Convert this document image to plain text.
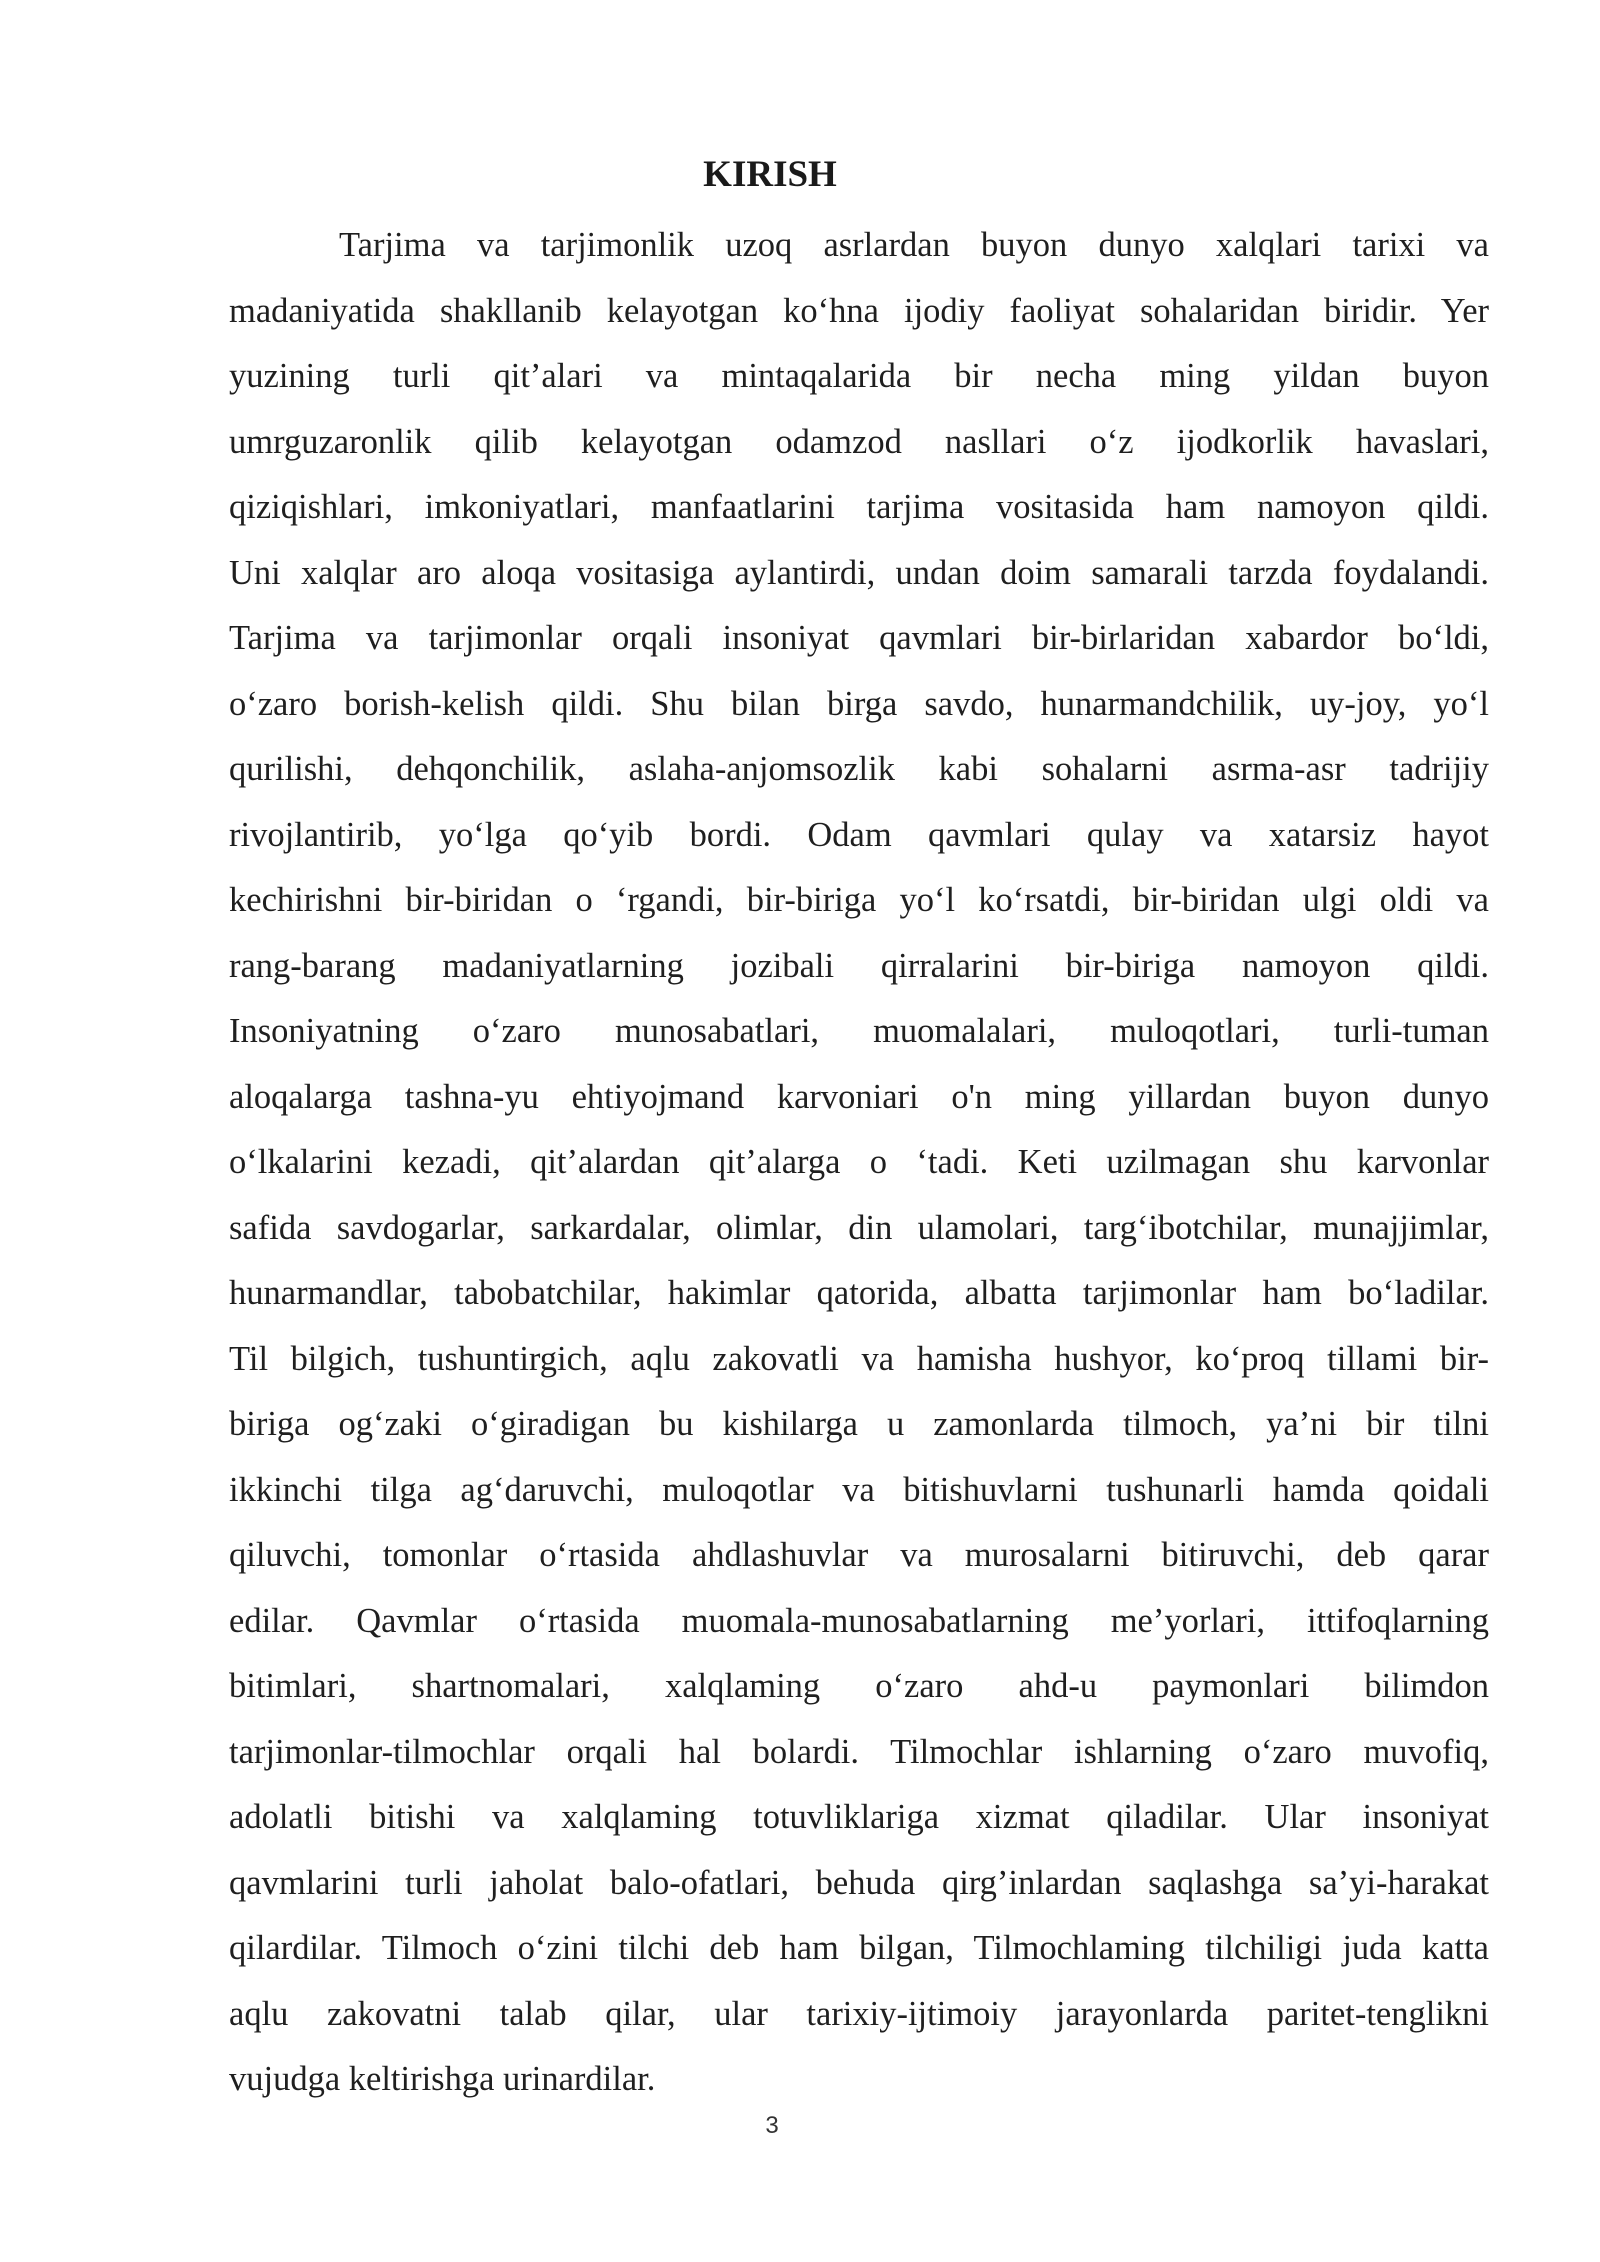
KIRISH
Tarjima va tarjimonlik uzoq asrlardan buyon dunyo xalqlari tarixi va
madaniyatida shakllanib kelayotgan ko‘hna ijodiy faoliyat sohalaridan biridir. Yer
yuzining turli qit’alari va mintaqalarida bir necha ming yildan buyon
umrguzaronlik qilib kelayotgan odamzod nasllari o‘z ijodkorlik havaslari,
qiziqishlari, imkoniyatlari, manfaatlarini tarjima vositasida ham namoyon qildi.
Uni xalqlar aro aloqa vositasiga aylantirdi, undan doim samarali tarzda foydalandi.
Tarjima va tarjimonlar orqali insoniyat qavmlari bir-birlaridan xabardor bo‘ldi,
o‘zaro borish-kelish qildi. Shu bilan birga savdo, hunarmandchilik, uy-joy, yo‘l
qurilishi, dehqonchilik, aslaha-anjomsozlik kabi sohalarni asrma-asr tadrijiy
rivojlantirib, yo‘lga qo‘yib bordi. Odam qavmlari qulay va xatarsiz hayot
kechirishni bir-biridan o ‘rgandi, bir-biriga yo‘l ko‘rsatdi, bir-biridan ulgi oldi va
rang-barang madaniyatlarning jozibali qirralarini bir-biriga namoyon qildi.
Insoniyatning o‘zaro munosabatlari, muomalalari, muloqotlari, turli-tuman
aloqalarga tashna-yu ehtiyojmand karvoniari o'n ming yillardan buyon dunyo
o‘lkalarini kezadi, qit’alardan qit’alarga o ‘tadi. Keti uzilmagan shu karvonlar
safida savdogarlar, sarkardalar, olimlar, din ulamolari, targ‘ibotchilar, munajjimlar,
hunarmandlar, tabobatchilar, hakimlar qatorida, albatta tarjimonlar ham bo‘ladilar.
Til bilgich, tushuntirgich, aqlu zakovatli va hamisha hushyor, ko‘proq tillami bir-
biriga og‘zaki o‘giradigan bu kishilarga u zamonlarda tilmoch, ya’ni bir tilni
ikkinchi tilga ag‘daruvchi, muloqotlar va bitishuvlarni tushunarli hamda qoidali
qiluvchi, tomonlar o‘rtasida ahdlashuvlar va murosalarni bitiruvchi, deb qarar
edilar. Qavmlar o‘rtasida muomala-munosabatlarning me’yorlari, ittifoqlarning
bitimlari, shartnomalari, xalqlaming o‘zaro ahd-u paymonlari bilimdon
tarjimonlar-tilmochlar orqali hal bolardi. Tilmochlar ishlarning o‘zaro muvofiq,
adolatli bitishi va xalqlaming totuvliklariga xizmat qiladilar. Ular insoniyat
qavmlarini turli jaholat balo-ofatlari, behuda qirg’inlardan saqlashga sa’yi-harakat
qilardilar. Tilmoch o‘zini tilchi deb ham bilgan, Tilmochlaming tilchiligi juda katta
aqlu zakovatni talab qilar, ular tarixiy-ijtimoiy jarayonlarda paritet-tenglikni
vujudga keltirishga urinardilar.
3
